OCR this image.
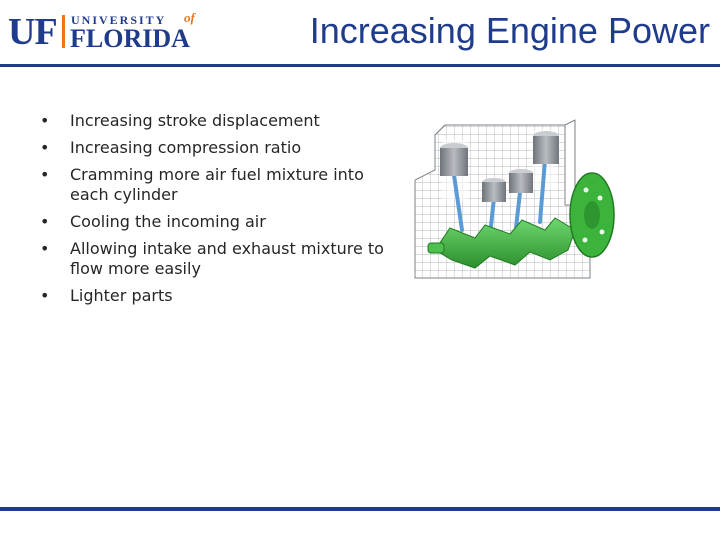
UF UNIVERSITY of
FLORIDA	Increasing Engine Power
•	Increasing stroke displacement
•	Increasing compression ratio
•	Cramming more air fuel mixture into each cylinder
•	Cooling the incoming air
•	Allowing intake and exhaust mixture to flow more easily
•	Lighter parts
